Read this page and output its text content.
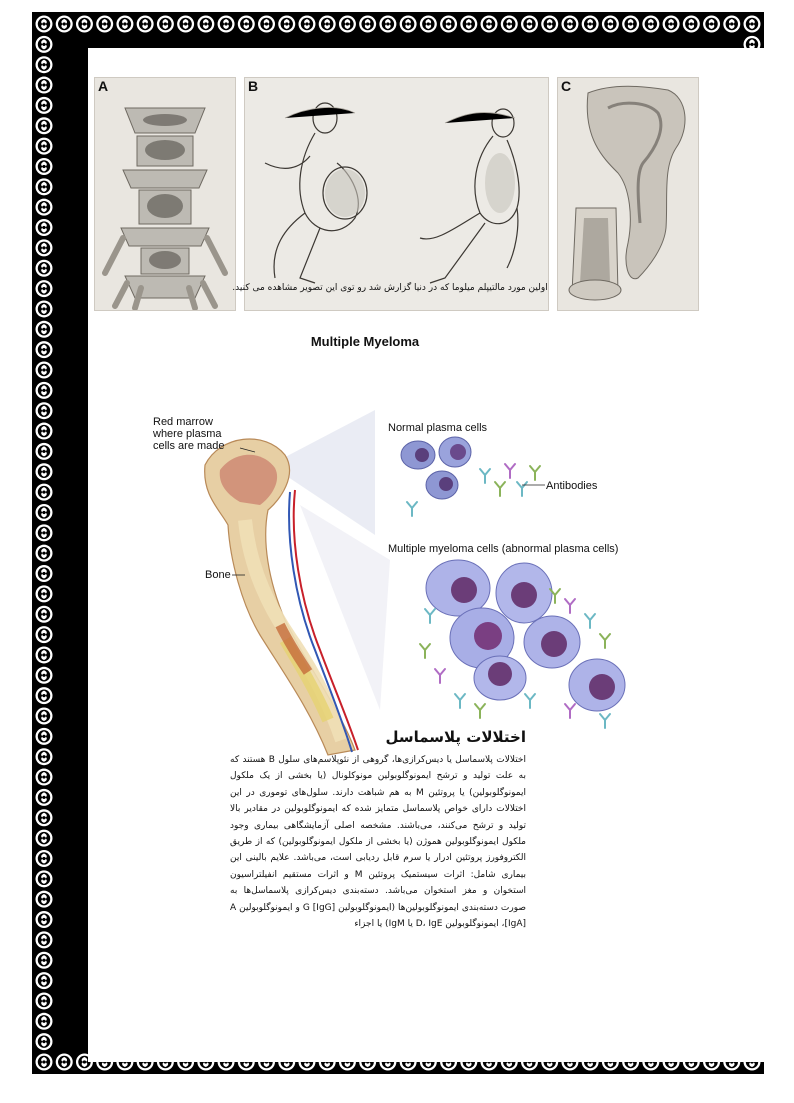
A	B	C
اولین مورد مالتیپلم میلوما که در دنیا گزارش شد رو توی این تصویر مشاهده می کنید.
Multiple Myeloma
Red marrow where plasma cells are made
Bone
Normal plasma cells
Antibodies
Multiple myeloma cells (abnormal plasma cells)
اختلالات پلاسماسل
اختلالات پلاسماسل یا دیس‌کرازی‌ها، گروهی از نئوپلاسم‌های سلول B هستند که به علت تولید و ترشح ایمونوگلوبولین مونوکلونال (یا بخشی از یک ملکول ایمونوگلوبولین) یا پروتئین M به هم شباهت دارند. سلول‌های توموری در این اختلالات دارای خواص پلاسماسل متمایز شده که ایمونوگلوبولین در مقادیر بالا تولید و ترشح می‌کنند، می‌باشند. مشخصه اصلی آزمایشگاهی بیماری وجود ملکول ایمونوگلوبولین هموژن (یا بخشی از ملکول ایمونوگلوبولین) که از طریق الکتروفورز پروتئین ادرار یا سرم قابل ردیابی است، می‌باشد. علایم بالینی این بیماری شامل: اثرات سیستمیک پروتئین M و اثرات مستقیم انفیلتراسیون استخوان و مغز استخوان می‌باشد. دسته‌بندی دیس‌کرازی پلاسماسل‌ها به صورت دسته‌بندی ایمونوگلوبولین‌ها (ایمونوگلوبولین G [IgG] و ایمونوگلوبولین A [IgA]، ایمونوگلوبولین D، IgE یا IgM) یا اجزاء
